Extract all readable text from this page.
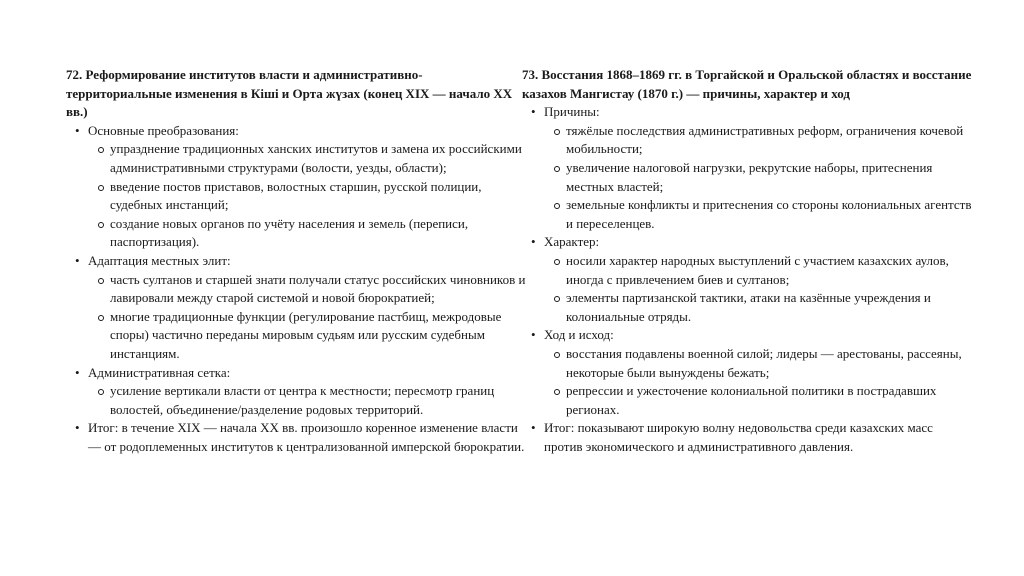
72. Реформирование институтов власти и административно-территориальные изменения в Кіші и Орта жүзах (конец XIX — начало XX вв.)
• Основные преобразования:
упразднение традиционных ханских институтов и замена их российскими административными структурами (волости, уезды, области);
введение постов приставов, волостных старшин, русской полиции, судебных инстанций;
создание новых органов по учёту населения и земель (переписи, паспортизация).
• Адаптация местных элит:
часть султанов и старшей знати получали статус российских чиновников и лавировали между старой системой и новой бюрократией;
многие традиционные функции (регулирование пастбищ, межродовые споры) частично переданы мировым судьям или русским судебным инстанциям.
• Административная сетка:
усиление вертикали власти от центра к местности; пересмотр границ волостей, объединение/разделение родовых территорий.
• Итог: в течение XIX — начала XX вв. произошло коренное изменение власти — от родоплеменных институтов к централизованной имперской бюрократии.
73. Восстания 1868–1869 гг. в Торгайской и Оральской областях и восстание казахов Мангистау (1870 г.) — причины, характер и ход
• Причины:
тяжёлые последствия административных реформ, ограничения кочевой мобильности;
увеличение налоговой нагрузки, рекрутские наборы, притеснения местных властей;
земельные конфликты и притеснения со стороны колониальных агентств и переселенцев.
• Характер:
носили характер народных выступлений с участием казахских аулов, иногда с привлечением биев и султанов;
элементы партизанской тактики, атаки на казённые учреждения и колониальные отряды.
• Ход и исход:
восстания подавлены военной силой; лидеры — арестованы, рассеяны, некоторые были вынуждены бежать;
репрессии и ужесточение колониальной политики в пострадавших регионах.
• Итог: показывают широкую волну недовольства среди казахских масс против экономического и административного давления.
